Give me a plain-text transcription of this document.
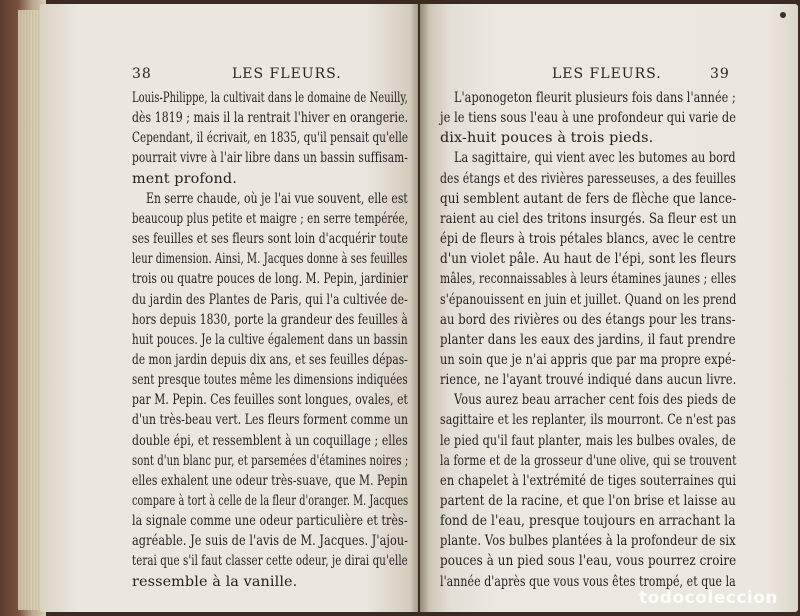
38	LES FLEURS.	LES FLEURS.	39
Louis-Philippe, la cultivait dans le domaine de Neuilly,
dès 1819 ; mais il la rentrait l'hiver en orangerie.
Cependant, il écrivait, en 1835, qu'il pensait qu'elle
pourrait vivre à l'air libre dans un bassin suffisam-
ment profond.
En serre chaude, où je l'ai vue souvent, elle est
beaucoup plus petite et maigre ; en serre tempérée,
ses feuilles et ses fleurs sont loin d'acquérir toute
leur dimension. Ainsi, M. Jacques donne à ses feuilles
trois ou quatre pouces de long. M. Pepin, jardinier
du jardin des Plantes de Paris, qui l'a cultivée de-
hors depuis 1830, porte la grandeur des feuilles à
huit pouces. Je la cultive également dans un bassin
de mon jardin depuis dix ans, et ses feuilles dépas-
sent presque toutes même les dimensions indiquées
par M. Pepin. Ces feuilles sont longues, ovales, et
d'un très-beau vert. Les fleurs forment comme un
double épi, et ressemblent à un coquillage ; elles
sont d'un blanc pur, et parsemées d'étamines noires ;
elles exhalent une odeur très-suave, que M. Pepin
compare à tort à celle de la fleur d'oranger. M. Jacques
la signale comme une odeur particulière et très-
agréable. Je suis de l'avis de M. Jacques. J'ajou-
terai que s'il faut classer cette odeur, je dirai qu'elle
ressemble à la vanille.
L'aponogeton fleurit plusieurs fois dans l'année ;
je le tiens sous l'eau à une profondeur qui varie de
dix-huit pouces à trois pieds.
La sagittaire, qui vient avec les butomes au bord
des étangs et des rivières paresseuses, a des feuilles
qui semblent autant de fers de flèche que lance-
raient au ciel des tritons insurgés. Sa fleur est un
épi de fleurs à trois pétales blancs, avec le centre
d'un violet pâle. Au haut de l'épi, sont les fleurs
mâles, reconnaissables à leurs étamines jaunes ; elles
s'épanouissent en juin et juillet. Quand on les prend
au bord des rivières ou des étangs pour les trans-
planter dans les eaux des jardins, il faut prendre
un soin que je n'ai appris que par ma propre expé-
rience, ne l'ayant trouvé indiqué dans aucun livre.
Vous aurez beau arracher cent fois des pieds de
sagittaire et les replanter, ils mourront. Ce n'est pas
le pied qu'il faut planter, mais les bulbes ovales, de
la forme et de la grosseur d'une olive, qui se trouvent
en chapelet à l'extrémité de tiges souterraines qui
partent de la racine, et que l'on brise et laisse au
fond de l'eau, presque toujours en arrachant la
plante. Vos bulbes plantées à la profondeur de six
pouces à un pied sous l'eau, vous pourrez croire
l'année d'après que vous vous êtes trompé, et que la
todocoleccion
